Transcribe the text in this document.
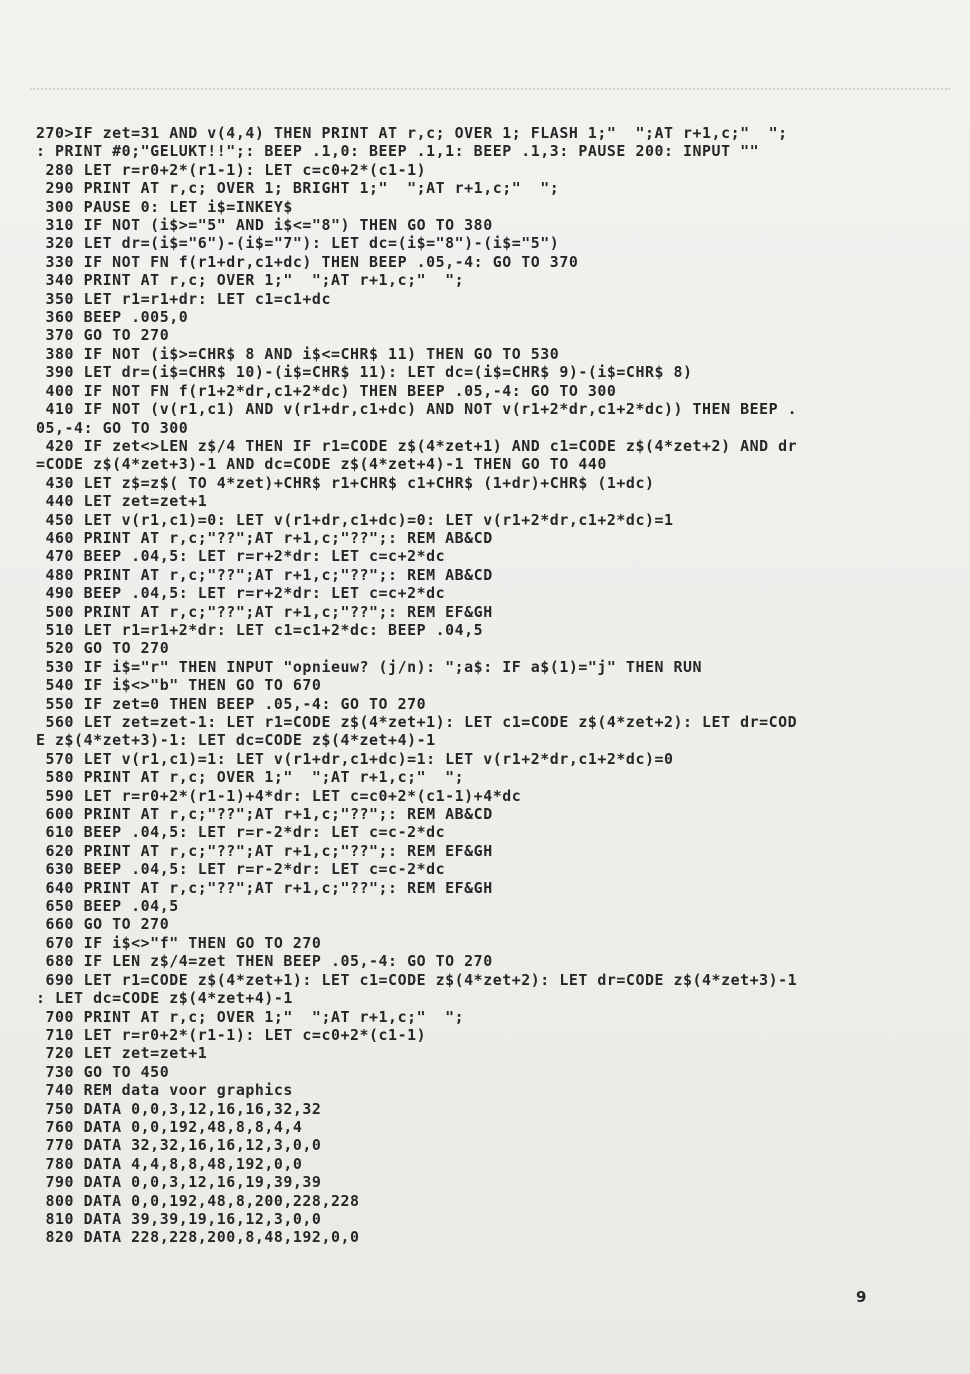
270>IF zet=31 AND v(4,4) THEN PRINT AT r,c; OVER 1; FLASH 1;"  ";AT r+1,c;"  ";
: PRINT #0;"GELUKT!!";: BEEP .1,0: BEEP .1,1: BEEP .1,3: PAUSE 200: INPUT ""
280 LET r=r0+2*(r1-1): LET c=c0+2*(c1-1)
290 PRINT AT r,c; OVER 1; BRIGHT 1;"  ";AT r+1,c;"  ";
300 PAUSE 0: LET i$=INKEY$
310 IF NOT (i$>="5" AND i$<="8") THEN GO TO 380
320 LET dr=(i$="6")-(i$="7"): LET dc=(i$="8")-(i$="5")
330 IF NOT FN f(r1+dr,c1+dc) THEN BEEP .05,-4: GO TO 370
340 PRINT AT r,c; OVER 1;"  ";AT r+1,c;"  ";
350 LET r1=r1+dr: LET c1=c1+dc
360 BEEP .005,0
370 GO TO 270
380 IF NOT (i$>=CHR$ 8 AND i$<=CHR$ 11) THEN GO TO 530
390 LET dr=(i$=CHR$ 10)-(i$=CHR$ 11): LET dc=(i$=CHR$ 9)-(i$=CHR$ 8)
400 IF NOT FN f(r1+2*dr,c1+2*dc) THEN BEEP .05,-4: GO TO 300
410 IF NOT (v(r1,c1) AND v(r1+dr,c1+dc) AND NOT v(r1+2*dr,c1+2*dc)) THEN BEEP .
05,-4: GO TO 300
420 IF zet<>LEN z$/4 THEN IF r1=CODE z$(4*zet+1) AND c1=CODE z$(4*zet+2) AND dr
=CODE z$(4*zet+3)-1 AND dc=CODE z$(4*zet+4)-1 THEN GO TO 440
430 LET z$=z$( TO 4*zet)+CHR$ r1+CHR$ c1+CHR$ (1+dr)+CHR$ (1+dc)
440 LET zet=zet+1
450 LET v(r1,c1)=0: LET v(r1+dr,c1+dc)=0: LET v(r1+2*dr,c1+2*dc)=1
460 PRINT AT r,c;"??";AT r+1,c;"??";: REM AB&CD
470 BEEP .04,5: LET r=r+2*dr: LET c=c+2*dc
480 PRINT AT r,c;"??";AT r+1,c;"??";: REM AB&CD
490 BEEP .04,5: LET r=r+2*dr: LET c=c+2*dc
500 PRINT AT r,c;"??";AT r+1,c;"??";: REM EF&GH
510 LET r1=r1+2*dr: LET c1=c1+2*dc: BEEP .04,5
520 GO TO 270
530 IF i$="r" THEN INPUT "opnieuw? (j/n): ";a$: IF a$(1)="j" THEN RUN
540 IF i$<>"b" THEN GO TO 670
550 IF zet=0 THEN BEEP .05,-4: GO TO 270
560 LET zet=zet-1: LET r1=CODE z$(4*zet+1): LET c1=CODE z$(4*zet+2): LET dr=COD
E z$(4*zet+3)-1: LET dc=CODE z$(4*zet+4)-1
570 LET v(r1,c1)=1: LET v(r1+dr,c1+dc)=1: LET v(r1+2*dr,c1+2*dc)=0
580 PRINT AT r,c; OVER 1;"  ";AT r+1,c;"  ";
590 LET r=r0+2*(r1-1)+4*dr: LET c=c0+2*(c1-1)+4*dc
600 PRINT AT r,c;"??";AT r+1,c;"??";: REM AB&CD
610 BEEP .04,5: LET r=r-2*dr: LET c=c-2*dc
620 PRINT AT r,c;"??";AT r+1,c;"??";: REM EF&GH
630 BEEP .04,5: LET r=r-2*dr: LET c=c-2*dc
640 PRINT AT r,c;"??";AT r+1,c;"??";: REM EF&GH
650 BEEP .04,5
660 GO TO 270
670 IF i$<>"f" THEN GO TO 270
680 IF LEN z$/4=zet THEN BEEP .05,-4: GO TO 270
690 LET r1=CODE z$(4*zet+1): LET c1=CODE z$(4*zet+2): LET dr=CODE z$(4*zet+3)-1
: LET dc=CODE z$(4*zet+4)-1
700 PRINT AT r,c; OVER 1;"  ";AT r+1,c;"  ";
710 LET r=r0+2*(r1-1): LET c=c0+2*(c1-1)
720 LET zet=zet+1
730 GO TO 450
740 REM data voor graphics
750 DATA 0,0,3,12,16,16,32,32
760 DATA 0,0,192,48,8,8,4,4
770 DATA 32,32,16,16,12,3,0,0
780 DATA 4,4,8,8,48,192,0,0
790 DATA 0,0,3,12,16,19,39,39
800 DATA 0,0,192,48,8,200,228,228
810 DATA 39,39,19,16,12,3,0,0
820 DATA 228,228,200,8,48,192,0,0
9
